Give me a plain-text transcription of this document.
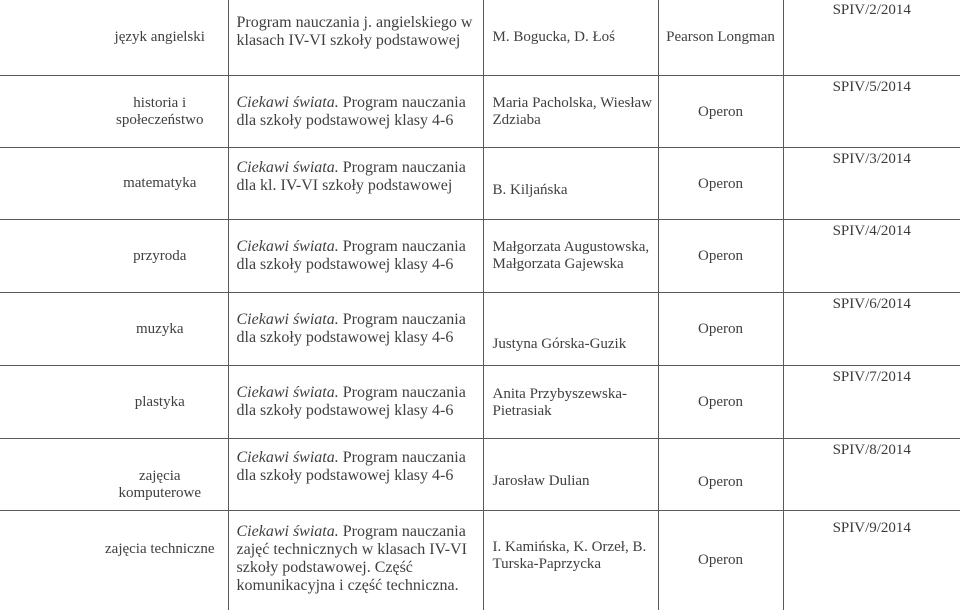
język angielski	Program nauczania j. angielskiego w klasach IV-VI szkoły podstawowej	M. Bogucka, D. Łoś	Pearson Longman	SPIV/2/2014
historia i społeczeństwo	Ciekawi świata. Program nauczania dla szkoły podstawowej klasy 4-6	Maria Pacholska, Wiesław Zdziaba	Operon	SPIV/5/2014
matematyka	Ciekawi świata. Program nauczania dla kl. IV-VI szkoły podstawowej	B. Kiljańska	Operon	SPIV/3/2014
przyroda	Ciekawi świata. Program nauczania dla szkoły podstawowej klasy 4-6	Małgorzata Augustowska, Małgorzata Gajewska	Operon	SPIV/4/2014
muzyka	Ciekawi świata. Program nauczania dla szkoły podstawowej klasy 4-6	Justyna Górska-Guzik	Operon	SPIV/6/2014
plastyka	Ciekawi świata. Program nauczania dla szkoły podstawowej klasy 4-6	Anita Przybyszewska-Pietrasiak	Operon	SPIV/7/2014
zajęcia komputerowe	Ciekawi świata. Program nauczania dla szkoły podstawowej klasy 4-6	Jarosław Dulian	Operon	SPIV/8/2014
zajęcia techniczne	Ciekawi świata. Program nauczania zajęć technicznych w klasach IV-VI szkoły podstawowej. Część komunikacyjna i część techniczna.	I. Kamińska, K. Orzeł, B. Turska-Paprzycka	Operon	SPIV/9/2014
